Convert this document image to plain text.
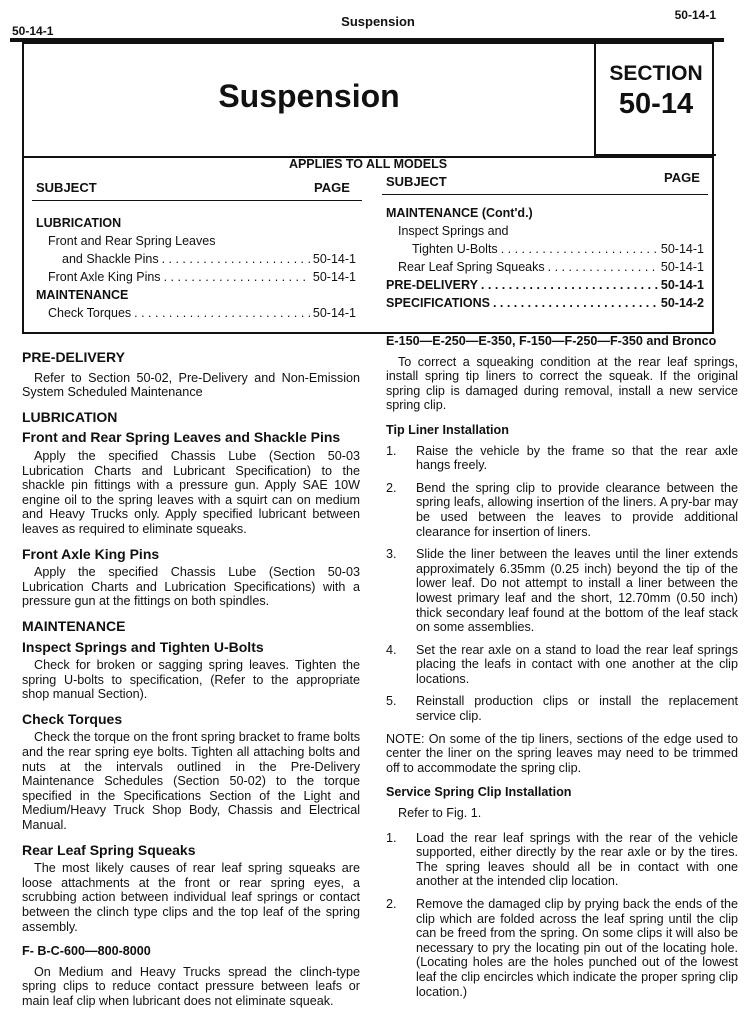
Suspension	50-14-1
50-14-1
Suspension
SECTION
50-14
APPLIES TO ALL MODELS
SUBJECT	PAGE	SUBJECT	PAGE
LUBRICATION
Front and Rear Spring Leaves
and Shackle Pins . . .	50-14-1
Front Axle King Pins . . .	50-14-1
MAINTENANCE
Check Torques . . .	50-14-1
MAINTENANCE (Cont'd.)
Inspect Springs and
Tighten U-Bolts . . .	50-14-1
Rear Leaf Spring Squeaks . . .	50-14-1
PRE-DELIVERY . . .	50-14-1
SPECIFICATIONS . . .	50-14-2
PRE-DELIVERY

Refer to Section 50-02, Pre-Delivery and Non-Emission System Scheduled Maintenance

LUBRICATION
Front and Rear Spring Leaves and Shackle Pins

Apply the specified Chassis Lube (Section 50-03 Lubrication Charts and Lubricant Specification) to the shackle pin fittings with a pressure gun. Apply SAE 10W engine oil to the spring leaves with a squirt can on medium and Heavy Trucks only. Apply specified lubricant between leaves as required to eliminate squeaks.

Front Axle King Pins

Apply the specified Chassis Lube (Section 50-03 Lubrication Charts and Lubrication Specifications) with a pressure gun at the fittings on both spindles.

MAINTENANCE
Inspect Springs and Tighten U-Bolts

Check for broken or sagging spring leaves. Tighten the spring U-bolts to specification, (Refer to the appropriate shop manual Section).

Check Torques

Check the torque on the front spring bracket to frame bolts and the rear spring eye bolts. Tighten all attaching bolts and nuts at the intervals outlined in the Pre-Delivery Maintenance Schedules (Section 50-02) to the torque specified in the Specifications Section of the Light and Medium/Heavy Truck Shop Body, Chassis and Electrical Manual.

Rear Leaf Spring Squeaks

The most likely causes of rear leaf spring squeaks are loose attachments at the front or rear spring eyes, a scrubbing action between individual leaf springs or contact between the clinch type clips and the top leaf of the spring assembly.

F- B-C-600—800-8000

On Medium and Heavy Trucks spread the clinch-type spring clips to reduce contact pressure between leafs or main leaf clip when lubricant does not eliminate squeak.

E-150—E-250—E-350, F-150—F-250—F-350 and Bronco

To correct a squeaking condition at the rear leaf springs, install spring tip liners to correct the squeak. If the original spring clip is damaged during removal, install a new service spring clip.

Tip Liner Installation
1.	Raise the vehicle by the frame so that the rear axle hangs freely.
2.	Bend the spring clip to provide clearance between the spring leafs, allowing insertion of the liners. A pry-bar may be used between the leaves to provide additional clearance for insertion of liners.
3.	Slide the liner between the leaves until the liner extends approximately 6.35mm (0.25 inch) beyond the tip of the lower leaf. Do not attempt to install a liner between the lowest primary leaf and the short, 12.70mm (0.50 inch) thick secondary leaf found at the bottom of the leaf stack on some assemblies.
4.	Set the rear axle on a stand to load the rear leaf springs placing the leafs in contact with one another at the clip locations.
5.	Reinstall production clips or install the replacement service clip.

NOTE: On some of the tip liners, sections of the edge used to center the liner on the spring leaves may need to be trimmed off to accommodate the spring clip.

Service Spring Clip Installation

Refer to Fig. 1.

1.	Load the rear leaf springs with the rear of the vehicle supported, either directly by the rear axle or by the tires. The spring leaves should all be in contact with one another at the intended clip location.
2.	Remove the damaged clip by prying back the ends of the clip which are folded across the leaf spring until the clip can be freed from the spring. On some clips it will also be necessary to pry the locating pin out of the locating hole. (Locating holes are the holes punched out of the lowest leaf the clip encircles which indicate the proper spring clip location.)
